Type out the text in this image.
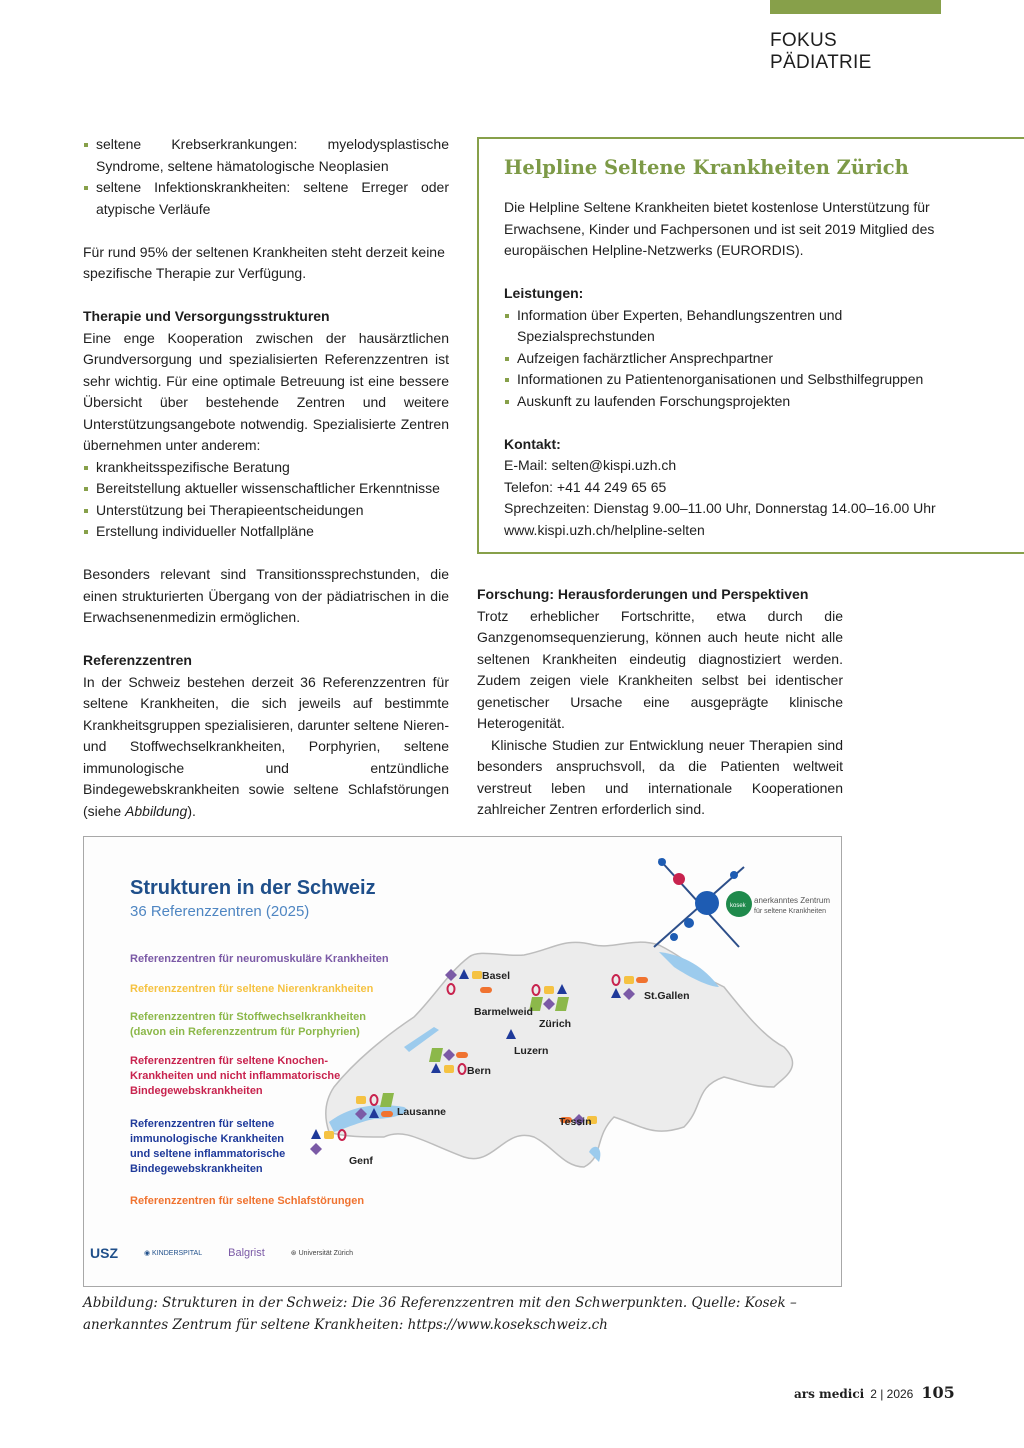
FOKUS PÄDIATRIE
seltene Krebserkrankungen: myelodysplastische Syndrome, seltene hämatologische Neoplasien
seltene Infektionskrankheiten: seltene Erreger oder atypische Verläufe

Für rund 95% der seltenen Krankheiten steht derzeit keine spezifische Therapie zur Verfügung.

Therapie und Versorgungsstrukturen

Eine enge Kooperation zwischen der hausärztlichen Grundversorgung und spezialisierten Referenzzentren ist sehr wichtig. Für eine optimale Betreuung ist eine bessere Übersicht über bestehende Zentren und weitere Unterstützungsangebote notwendig. Spezialisierte Zentren übernehmen unter anderem:

krankheitsspezifische Beratung
Bereitstellung aktueller wissenschaftlicher Erkenntnisse
Unterstützung bei Therapieentscheidungen
Erstellung individueller Notfallpläne

Besonders relevant sind Transitionssprechstunden, die einen strukturierten Übergang von der pädiatrischen in die Erwachsenenmedizin ermöglichen.

Referenzzentren

In der Schweiz bestehen derzeit 36 Referenzzentren für seltene Krankheiten, die sich jeweils auf bestimmte Krankheitsgruppen spezialisieren, darunter seltene Nieren- und Stoffwechselkrankheiten, Porphyrien, seltene immunologische und entzündliche Bindegewebskrankheiten sowie seltene Schlafstörungen (siehe Abbildung).

Helpline Seltene Krankheiten Zürich

Die Helpline Seltene Krankheiten bietet kostenlose Unterstützung für Erwachsene, Kinder und Fachpersonen und ist seit 2019 Mitglied des europäischen Helpline-Netzwerks (EURORDIS).

Leistungen:
Information über Experten, Behandlungszentren und Spezialsprechstunden
Aufzeigen fachärztlicher Ansprechpartner
Informationen zu Patientenorganisationen und Selbsthilfegruppen
Auskunft zu laufenden Forschungsprojekten
Kontakt:
E-Mail: selten@kispi.uzh.ch
Telefon: +41 44 249 65 65
Sprechzeiten: Dienstag 9.00–11.00 Uhr, Donnerstag 14.00–16.00 Uhr
www.kispi.uzh.ch/helpline-selten
Forschung: Herausforderungen und Perspektiven

Trotz erheblicher Fortschritte, etwa durch die Ganzgenomsequenzierung, können auch heute nicht alle seltenen Krankheiten eindeutig diagnostiziert werden. Zudem zeigen viele Krankheiten selbst bei identischer genetischer Ursache eine ausgeprägte klinische Heterogenität.

Klinische Studien zur Entwicklung neuer Therapien sind besonders anspruchsvoll, da die Patienten weltweit verstreut leben und internationale Kooperationen zahlreicher Zentren erforderlich sind.

Strukturen in der Schweiz
36 Referenzzentren (2025)
Basel
Barmelweid
Zürich
St.Gallen
Luzern
Bern
Lausanne
Genf
Tessin
kosek
anerkanntes Zentrum
für seltene Krankheiten
Referenzzentren für neuromuskuläre Krankheiten
Referenzzentren für seltene Nierenkrankheiten
Referenzzentren für Stoffwechselkrankheiten
(davon ein Referenzzentrum für Porphyrien)
Referenzzentren für seltene Knochen-
Krankheiten und nicht inflammatorische
Bindegewebskrankheiten
Referenzzentren für seltene
immunologische Krankheiten
und seltene inflammatorische
Bindegewebskrankheiten
Referenzzentren für seltene Schlafstörungen
USZ	◉ KINDERSPITAL Balgrist	⊛ Universität Zürich
Abbildung: Strukturen in der Schweiz: Die 36 Referenzzentren mit den Schwerpunkten. Quelle: Kosek – anerkanntes Zentrum für seltene Krankheiten: https://www.kosekschweiz.ch
ars medici 2 | 2026 105
